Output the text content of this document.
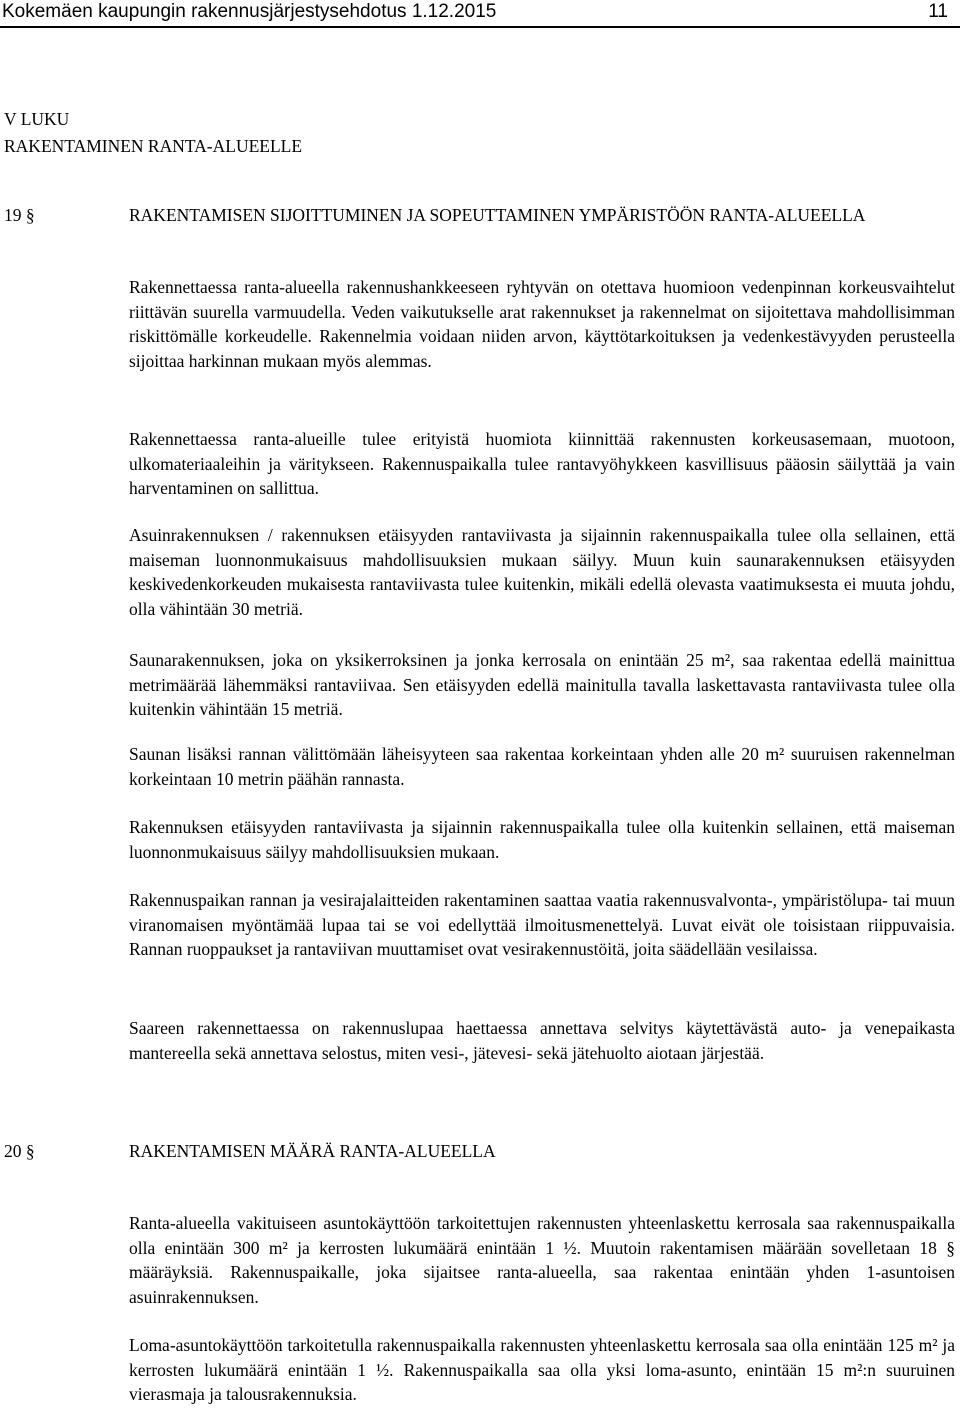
Kokemäen kaupungin rakennusjärjestysehdotus 1.12.2015	11
V LUKU
RAKENTAMINEN RANTA-ALUEELLE
19 §	RAKENTAMISEN SIJOITTUMINEN JA SOPEUTTAMINEN YMPÄRISTÖÖN RANTA-ALUEELLA
Rakennettaessa ranta-alueella rakennushankkeeseen ryhtyvän on otettava huomioon vedenpinnan korkeusvaihtelut riittävän suurella varmuudella. Veden vaikutukselle arat rakennukset ja rakennelmat on sijoitettava mahdollisimman riskittömälle korkeudelle. Rakennelmia voidaan niiden arvon, käyttötarkoituksen ja vedenkestävyyden perusteella sijoittaa harkinnan mukaan myös alemmas.
Rakennettaessa ranta-alueille tulee erityistä huomiota kiinnittää rakennusten korkeusasemaan, muotoon, ulkomateriaaleihin ja väritykseen. Rakennuspaikalla tulee rantavyöhykkeen kasvillisuus pääosin säilyttää ja vain harventaminen on sallittua.
Asuinrakennuksen / rakennuksen etäisyyden rantaviivasta ja sijainnin rakennuspaikalla tulee olla sellainen, että maiseman luonnonmukaisuus mahdollisuuksien mukaan säilyy. Muun kuin saunarakennuksen etäisyyden keskivedenkorkeuden mukaisesta rantaviivasta tulee kuitenkin, mikäli edellä olevasta vaatimuksesta ei muuta johdu, olla vähintään 30 metriä.
Saunarakennuksen, joka on yksikerroksinen ja jonka kerrosala on enintään 25 m², saa rakentaa edellä mainittua metrimäärää lähemmäksi rantaviivaa. Sen etäisyyden edellä mainitulla tavalla laskettavasta rantaviivasta tulee olla kuitenkin vähintään 15 metriä.
Saunan lisäksi rannan välittömään läheisyyteen saa rakentaa korkeintaan yhden alle 20 m² suuruisen rakennelman korkeintaan 10 metrin päähän rannasta.
Rakennuksen etäisyyden rantaviivasta ja sijainnin rakennuspaikalla tulee olla kuitenkin sellainen, että maiseman luonnonmukaisuus säilyy mahdollisuuksien mukaan.
Rakennuspaikan rannan ja vesirajalaitteiden rakentaminen saattaa vaatia rakennusvalvonta-, ympäristölupa- tai muun viranomaisen myöntämää lupaa tai se voi edellyttää ilmoitusmenettelyä. Luvat eivät ole toisistaan riippuvaisia. Rannan ruoppaukset ja rantaviivan muuttamiset ovat vesirakennustöitä, joita säädellään vesilaissa.
Saareen rakennettaessa on rakennuslupaa haettaessa annettava selvitys käytettävästä auto- ja venepaikasta mantereella sekä annettava selostus, miten vesi-, jätevesi- sekä jätehuolto aiotaan järjestää.
20 §	RAKENTAMISEN MÄÄRÄ RANTA-ALUEELLA
Ranta-alueella vakituiseen asuntokäyttöön tarkoitettujen rakennusten yhteenlaskettu kerrosala saa rakennuspaikalla olla enintään 300 m² ja kerrosten lukumäärä enintään 1 ½. Muutoin rakentamisen määrään sovelletaan 18 § määräyksiä. Rakennuspaikalle, joka sijaitsee ranta-alueella, saa rakentaa enintään yhden 1-asuntoisen asuinrakennuksen.
Loma-asuntokäyttöön tarkoitetulla rakennuspaikalla rakennusten yhteenlaskettu kerrosala saa olla enintään 125 m² ja kerrosten lukumäärä enintään 1 ½. Rakennuspaikalla saa olla yksi loma-asunto, enintään 15 m²:n suuruinen vierasmaja ja talousrakennuksia.
